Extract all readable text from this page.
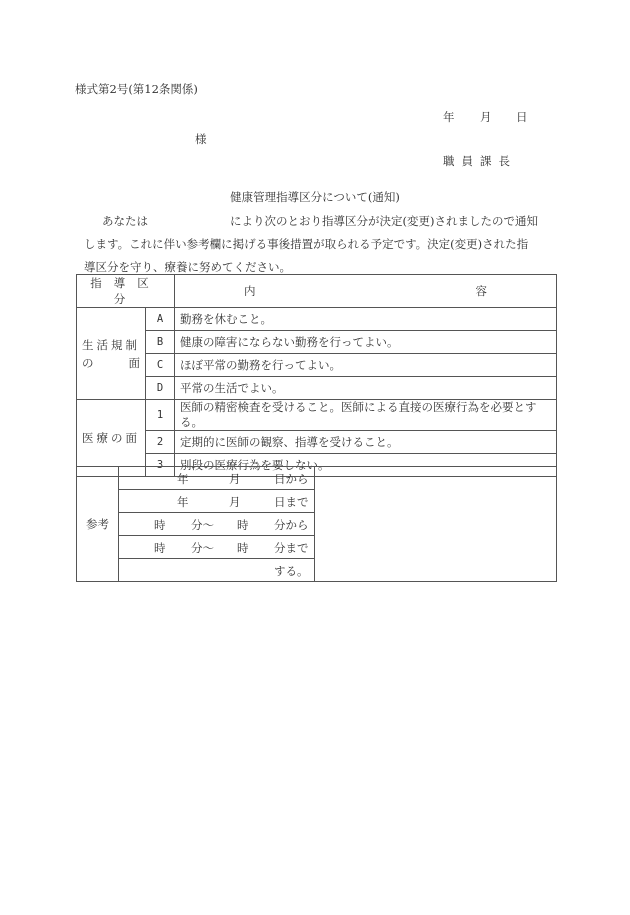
様式第2号(第12条関係)
年 月 日
様
職員課長
健康管理指導区分について(通知)

あなたは	により次のとおり指導区分が決定(変更)されましたので通知

します。これに伴い参考欄に掲げる事後措置が取られる予定です。決定(変更)された指

導区分を守り、療養に努めてください。

指導区分		内 容

生活規制
の 面	A	勤務を休むこと。
	B	健康の障害にならない勤務を行ってよい。
	C	ほぼ平常の勤務を行ってよい。
	D	平常の生活でよい。
医療の面	1	医師の精密検査を受けること。医師による直接の医療行為を必要とする。
	2	定期的に医師の観察、指導を受けること。
	3	別段の医療行為を要しない。
参考	
年	月	日から

年	月	日まで

時 分～ 時 分から

時 分～ 時 分まで

する。
